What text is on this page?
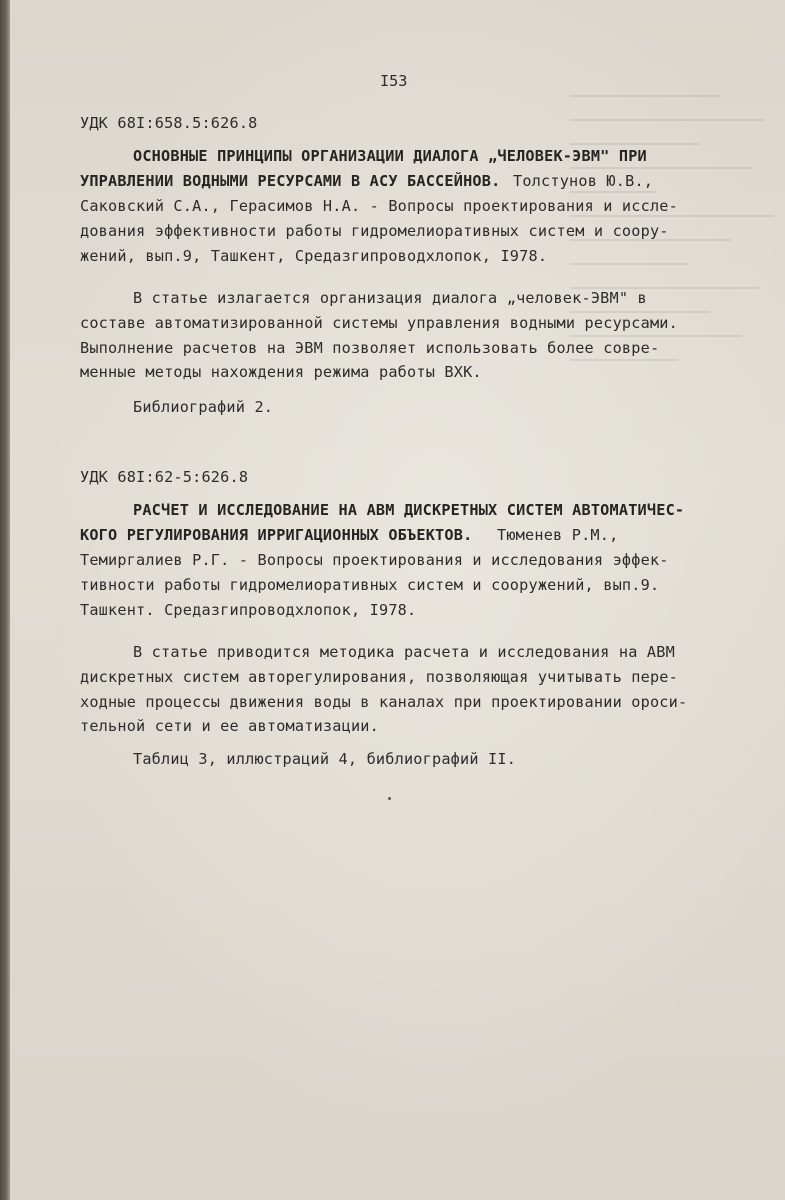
I53
УДК 68I:658.5:626.8
ОСНОВНЫЕ ПРИНЦИПЫ ОРГАНИЗАЦИИ ДИАЛОГА „ЧЕЛОВЕК-ЭВМ" ПРИ
УПРАВЛЕНИИ ВОДНЫМИ РЕСУРСАМИ В АСУ БАССЕЙНОВ. Толстунов Ю.В.,
Саковский С.А., Герасимов Н.А. - Вопросы проектирования и иссле-
дования эффективности работы гидромелиоративных систем и соору-
жений, вып.9, Ташкент, Средазгипроводхлопок, I978.
В статье излагается организация диалога „человек-ЭВМ" в
составе автоматизированной системы управления водными ресурсами.
Выполнение расчетов на ЭВМ позволяет использовать более совре-
менные методы нахождения режима работы ВХК.
Библиографий 2.
УДК 68I:62-5:626.8
РАСЧЕТ И ИССЛЕДОВАНИЕ НА АВМ ДИСКРЕТНЫХ СИСТЕМ АВТОМАТИЧЕС-
КОГО РЕГУЛИРОВАНИЯ ИРРИГАЦИОННЫХ ОБЪЕКТОВ. Тюменев Р.М.,
Темиргалиев Р.Г. - Вопросы проектирования и исследования эффек-
тивности работы гидромелиоративных систем и сооружений, вып.9.
Ташкент. Средазгипроводхлопок, I978.
В статье приводится методика расчета и исследования на АВМ
дискретных систем авторегулирования, позволяющая учитывать пере-
ходные процессы движения воды в каналах при проектировании ороси-
тельной сети и ее автоматизации.
Таблиц 3, иллюстраций 4, библиографий II.
